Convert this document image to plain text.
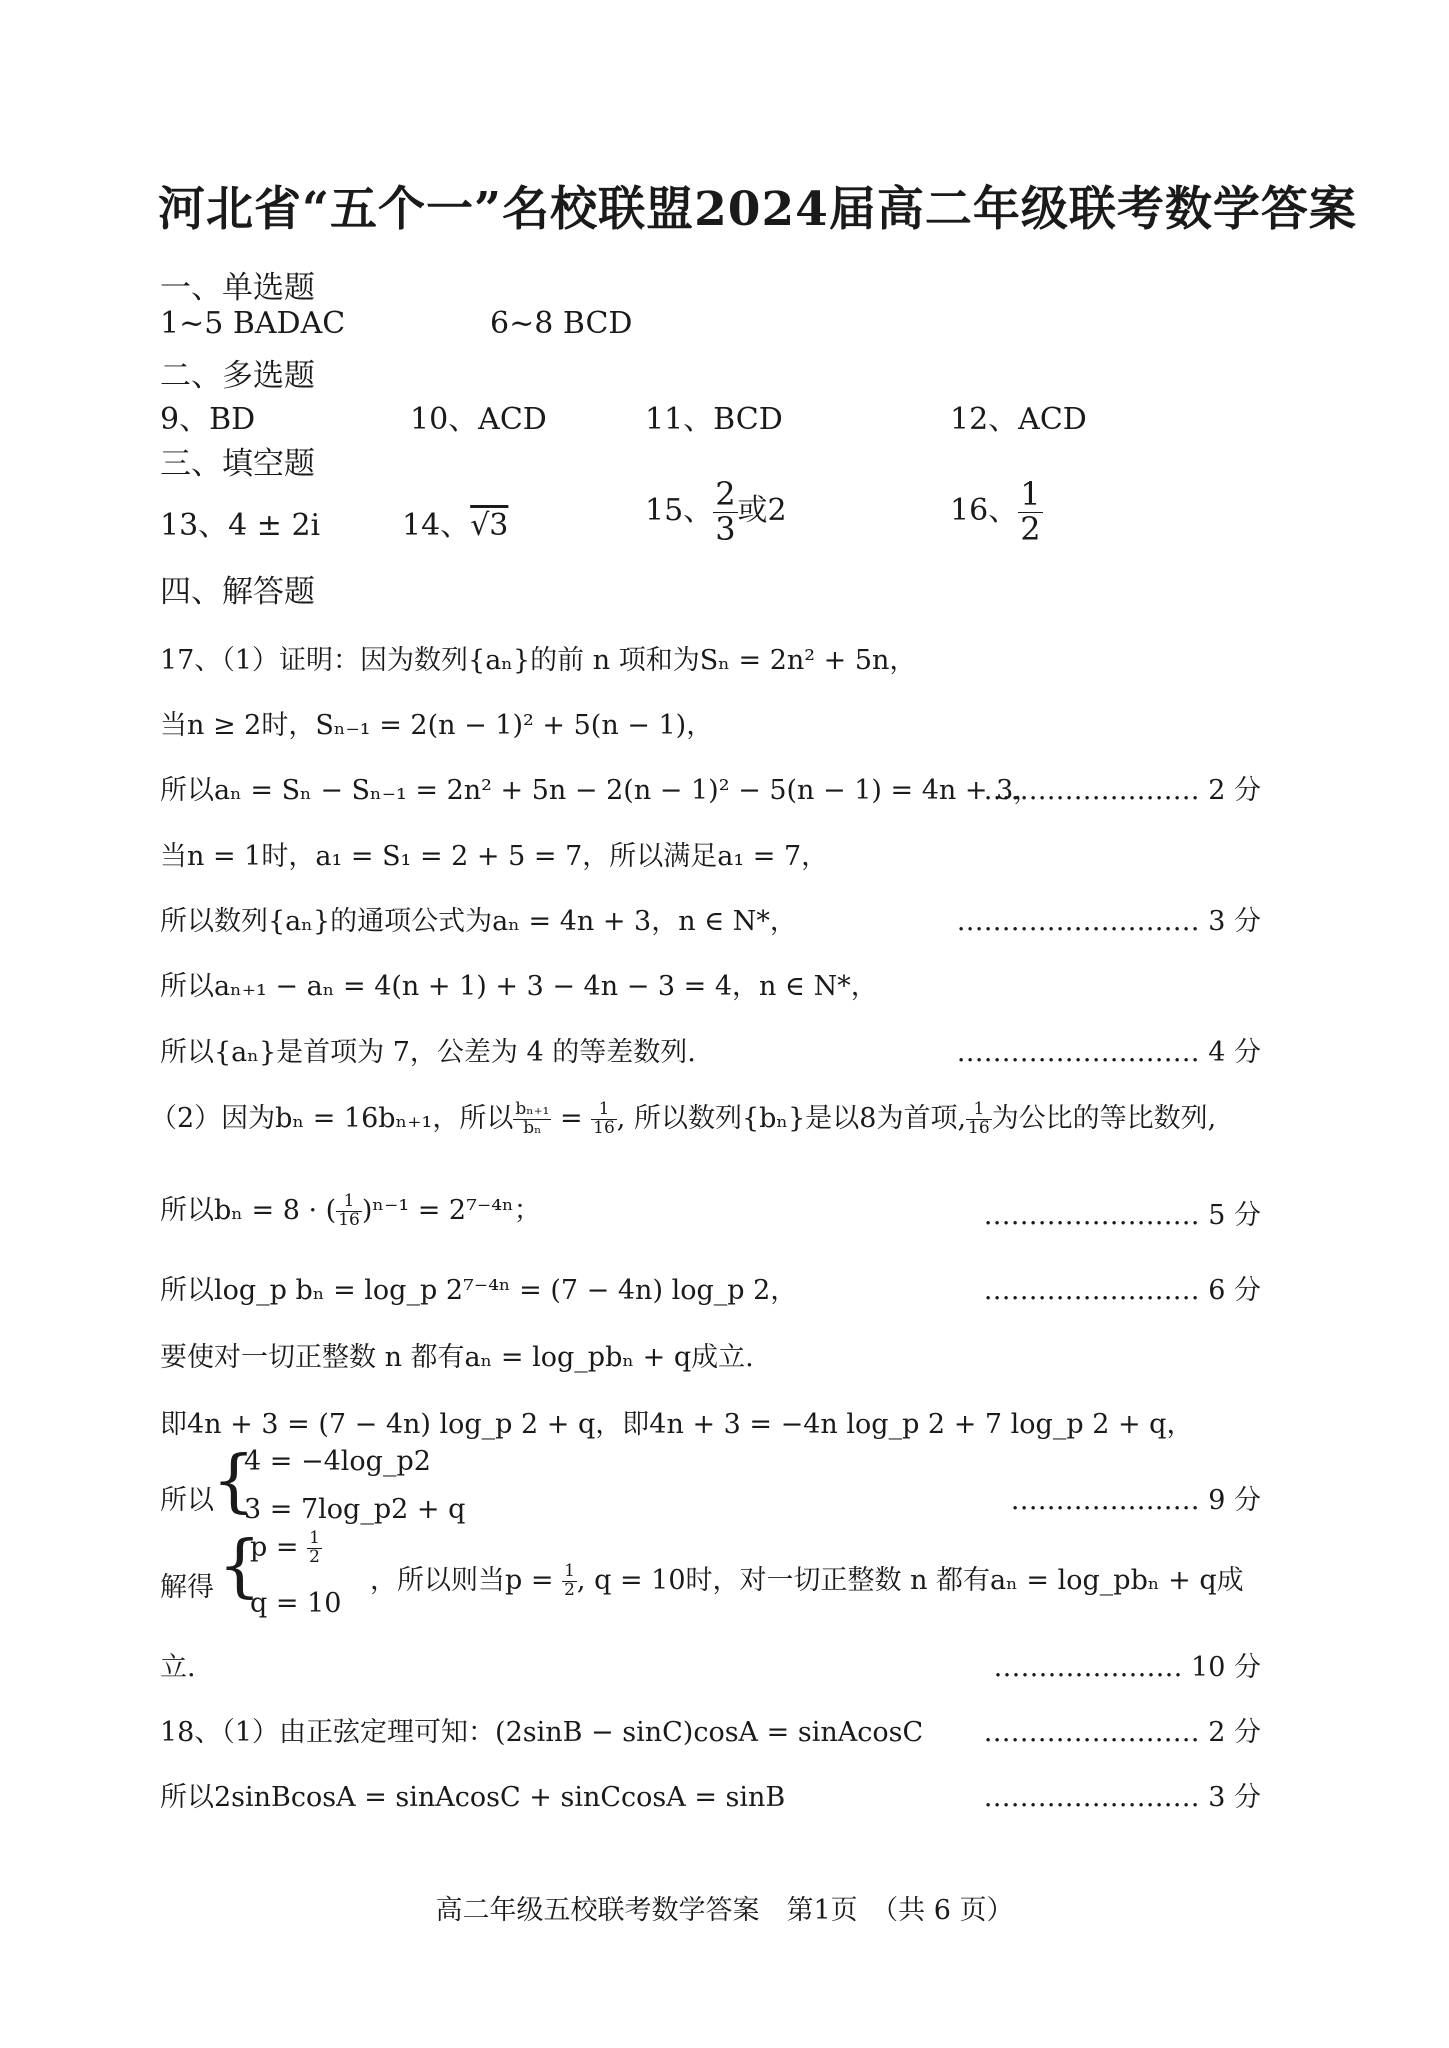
河北省“五个一”名校联盟2024届高二年级联考数学答案
一、单选题
1~5 BADAC	6~8 BCD
二、多选题
9、BD	10、ACD	11、BCD	12、ACD
三、填空题
13、4 ± 2i	14、√3	15、 $\frac{2}{3}$ 或2	16、 $\frac{1}{2}$
四、解答题
17、（1）证明：因为数列{aₙ}的前 n 项和为Sₙ = 2n² + 5n，
当n ≥ 2时，Sₙ₋₁ = 2(n − 1)² + 5(n − 1)，
所以aₙ = Sₙ − Sₙ₋₁ = 2n² + 5n − 2(n − 1)² − 5(n − 1) = 4n + 3，
…………………… 2 分
当n = 1时，a₁ = S₁ = 2 + 5 = 7，所以满足a₁ = 7，
所以数列{aₙ}的通项公式为aₙ = 4n + 3，n ∈ N*，	……………………… 3 分
所以aₙ₊₁ − aₙ = 4(n + 1) + 3 − 4n − 3 = 4，n ∈ N*，
所以{aₙ}是首项为 7，公差为 4 的等差数列.	……………………… 4 分
（2）因为bₙ = 16bₙ₊₁，所以 $\frac{\text{bₙ₊₁}}{\text{bₙ}} = \frac{1}{16}$ , 所以数列{bₙ}是以8为首项, $\frac{1}{16}$ 为公比的等比数列,
所以bₙ = 8 · ( $\frac{1}{16} )^{n-1} = 2^{7-4n}$；	…………………… 5 分
所以log_p bₙ = log_p 2⁷⁻⁴ⁿ = (7 − 4n) log_p 2，	…………………… 6 分
要使对一切正整数 n 都有aₙ = log_pbₙ + q成立.
即4n + 3 = (7 − 4n) log_p 2 + q，即4n + 3 = −4n log_p 2 + 7 log_p 2 + q，
所以
{
4 = −4log_p2
3 = 7log_p2 + q	………………… 9 分
解得 {
$p = \frac{1}{2}$
q = 10
，所以则当$p = \frac{1}{2}$ , q = 10时，对一切正整数 n 都有aₙ = log_pbₙ + q成
立.	………………… 10 分
18、（1）由正弦定理可知：(2sinB − sinC)cosA = sinAcosC …………………… 2 分
所以2sinBcosA = sinAcosC + sinCcosA = sinB	…………………… 3 分
高二年级五校联考数学答案　第1页　（共 6 页）
